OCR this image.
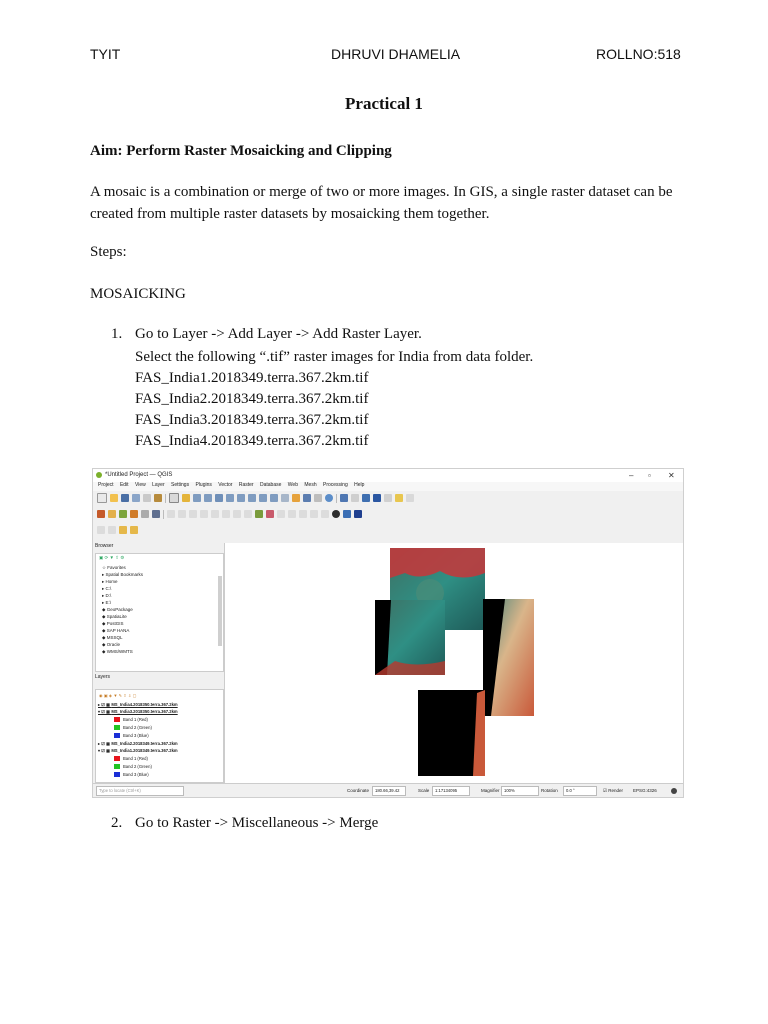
TYIT	DHRUVI DHAMELIA	ROLLNO:518
Practical 1
Aim: Perform Raster Mosaicking and Clipping
A mosaic is a combination or merge of two or more images. In GIS, a single raster dataset can be
created from multiple raster datasets by mosaicking them together.
Steps:
MOSAICKING
1. Go to Layer -> Add Layer -> Add Raster Layer.
Select the following “.tif” raster images for India from data folder.
FAS_India1.2018349.terra.367.2km.tif
FAS_India2.2018349.terra.367.2km.tif
FAS_India3.2018349.terra.367.2km.tif
FAS_India4.2018349.terra.367.2km.tif
*Untitled Project — QGIS	– ▫ ✕
Project Edit View Layer Settings Plugins Vector Raster Database Web Mesh Processing Help
Browser
▣ ⟳ ▼ ⇧ ⚙
☆ Favorites
▸ Spatial Bookmarks
▸ Home
▸ C:\
▸ D:\
▸ E:\
◆ GeoPackage
◆ SpatiaLite
◆ PostGIS
◆ SAP HANA
◆ MSSQL
◆ Oracle
◆ WMS/WMTS
Layers
◉ ▣ ◈ ▼ ✎ ⇧ ⇩ ▢
▸ ☑ ▦ MS_India4.2018350.terra.367.2km
▾ ☑ ▦ MS_India3.2018350.terra.367.2km
Band 1 (Red)
Band 2 (Green)
Band 3 (Blue)
▸ ☑ ▦ MS_India2.2018349.terra.367.2km
▾ ☑ ▦ MS_India1.2018349.terra.367.2km
Band 1 (Red)
Band 2 (Green)
Band 3 (Blue)
Type to locate (Ctrl+K)	Coordinate	180.66,39.42	Scale	1:17134095	Magnifier	100%	Rotation	0.0 °	☑ Render EPSG:4326
2. Go to Raster -> Miscellaneous -> Merge
